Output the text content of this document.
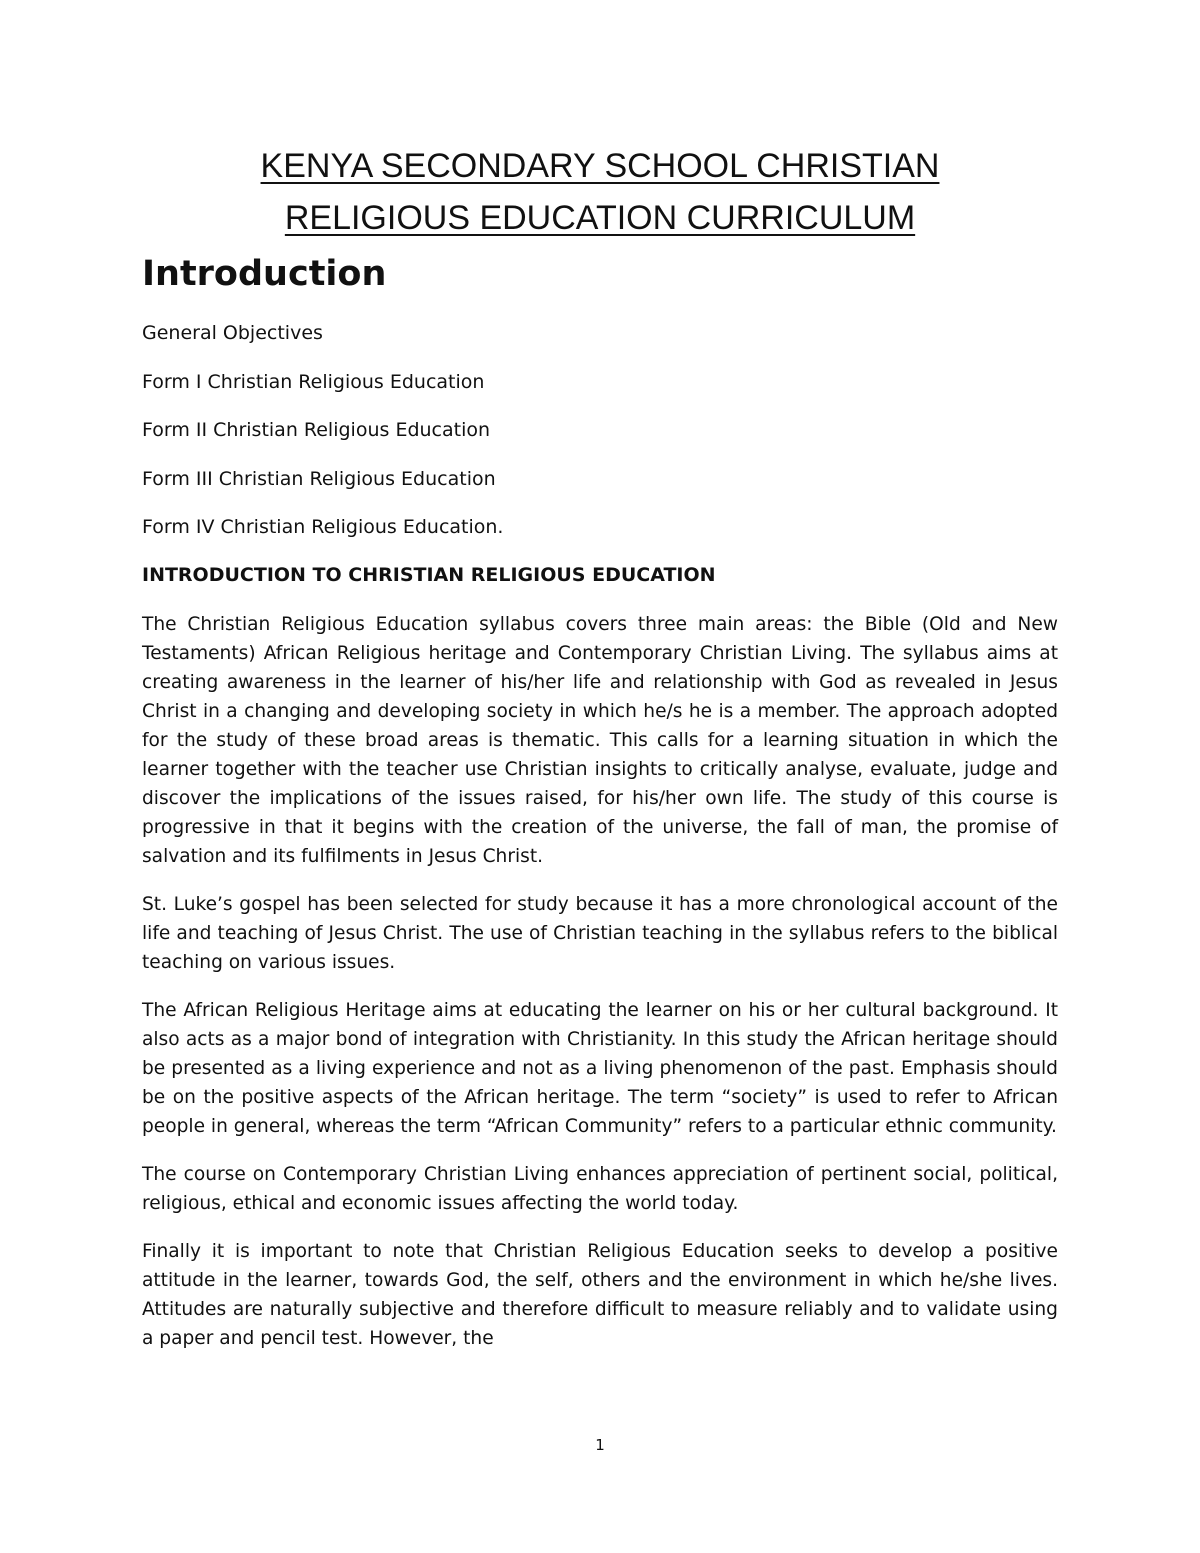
KENYA SECONDARY SCHOOL CHRISTIAN
RELIGIOUS EDUCATION CURRICULUM
Introduction
General Objectives
Form I Christian Religious Education
Form II Christian Religious Education
Form III Christian Religious Education
Form IV Christian Religious Education.
INTRODUCTION TO CHRISTIAN RELIGIOUS EDUCATION

The Christian Religious Education syllabus covers three main areas: the Bible (Old and New Testaments) African Religious heritage and Contemporary Christian Living. The syllabus aims at creating awareness in the learner of his/her life and relationship with God as revealed in Jesus Christ in a changing and developing society in which he/s he is a member. The approach adopted for the study of these broad areas is thematic. This calls for a learning situation in which the learner together with the teacher use Christian insights to critically analyse, evaluate, judge and discover the implications of the issues raised, for his/her own life. The study of this course is progressive in that it begins with the creation of the universe, the fall of man, the promise of salvation and its fulfilments in Jesus Christ.

St. Luke’s gospel has been selected for study because it has a more chronological account of the life and teaching of Jesus Christ. The use of Christian teaching in the syllabus refers to the biblical teaching on various issues.

The African Religious Heritage aims at educating the learner on his or her cultural background. It also acts as a major bond of integration with Christianity. In this study the African heritage should be presented as a living experience and not as a living phenomenon of the past. Emphasis should be on the positive aspects of the African heritage. The term “society” is used to refer to African people in general, whereas the term “African Community” refers to a particular ethnic community.

The course on Contemporary Christian Living enhances appreciation of pertinent social, political, religious, ethical and economic issues affecting the world today.

Finally it is important to note that Christian Religious Education seeks to develop a positive attitude in the learner, towards God, the self, others and the environment in which he/she lives. Attitudes are naturally subjective and therefore difficult to measure reliably and to validate using a paper and pencil test. However, the

1
